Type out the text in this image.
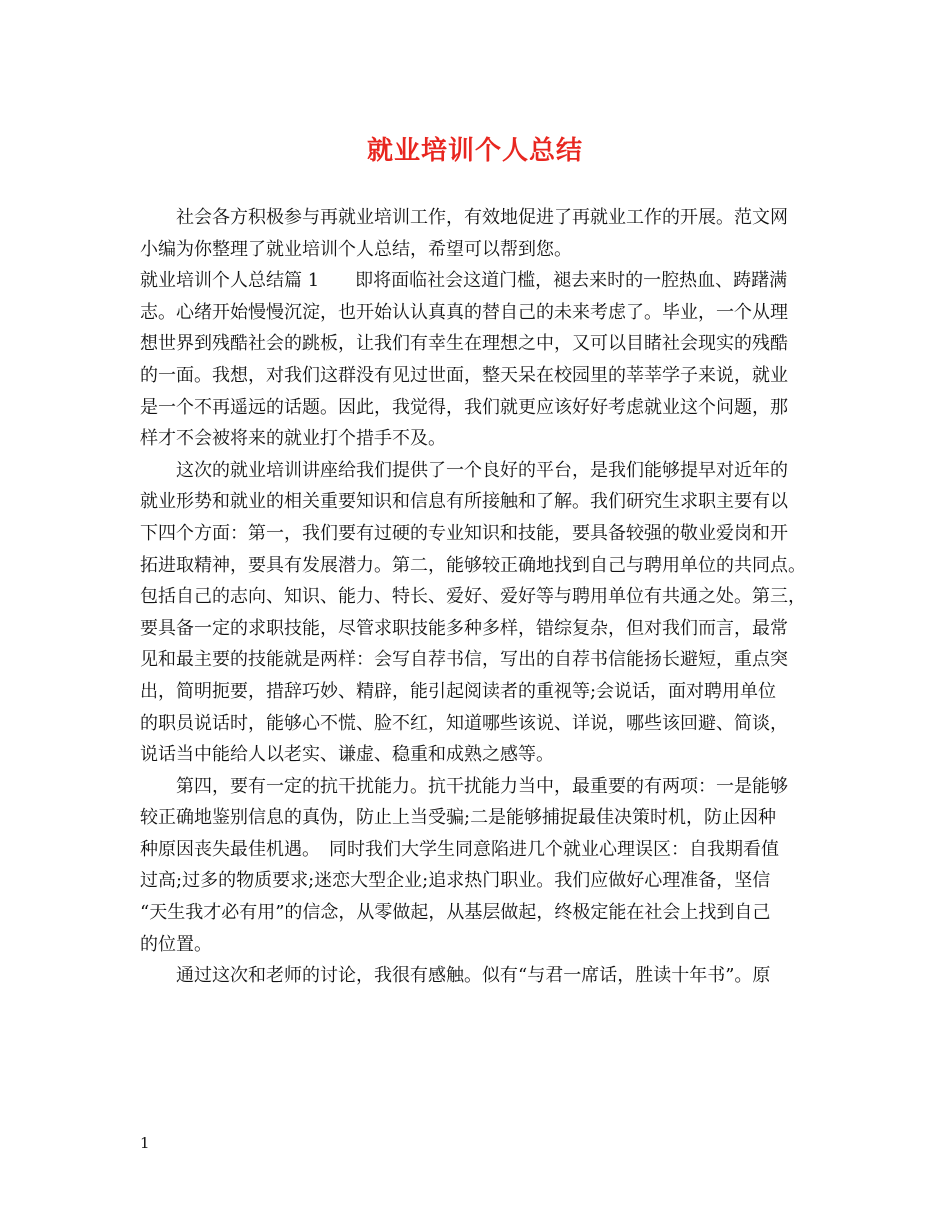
就业培训个人总结
社会各方积极参与再就业培训工作，有效地促进了再就业工作的开展。范文网
小编为你整理了就业培训个人总结，希望可以帮到您。
就业培训个人总结篇 1　　即将面临社会这道门槛，褪去来时的一腔热血、踌躇满
志。心绪开始慢慢沉淀，也开始认认真真的替自己的未来考虑了。毕业，一个从理
想世界到残酷社会的跳板，让我们有幸生在理想之中，又可以目睹社会现实的残酷
的一面。我想，对我们这群没有见过世面，整天呆在校园里的莘莘学子来说，就业
是一个不再遥远的话题。因此，我觉得，我们就更应该好好考虑就业这个问题，那
样才不会被将来的就业打个措手不及。
这次的就业培训讲座给我们提供了一个良好的平台，是我们能够提早对近年的
就业形势和就业的相关重要知识和信息有所接触和了解。我们研究生求职主要有以
下四个方面：第一，我们要有过硬的专业知识和技能，要具备较强的敬业爱岗和开
拓进取精神，要具有发展潜力。第二，能够较正确地找到自己与聘用单位的共同点。
包括自己的志向、知识、能力、特长、爱好、爱好等与聘用单位有共通之处。第三，
要具备一定的求职技能，尽管求职技能多种多样，错综复杂，但对我们而言，最常
见和最主要的技能就是两样：会写自荐书信，写出的自荐书信能扬长避短，重点突
出，简明扼要，措辞巧妙、精辟，能引起阅读者的重视等;会说话，面对聘用单位
的职员说话时，能够心不慌、脸不红，知道哪些该说、详说，哪些该回避、简谈，
说话当中能给人以老实、谦虚、稳重和成熟之感等。
第四，要有一定的抗干扰能力。抗干扰能力当中，最重要的有两项：一是能够
较正确地鉴别信息的真伪，防止上当受骗;二是能够捕捉最佳决策时机，防止因种
种原因丧失最佳机遇。　同时我们大学生同意陷进几个就业心理误区：自我期看值
过高;过多的物质要求;迷恋大型企业;追求热门职业。我们应做好心理准备，坚信
“天生我才必有用”的信念，从零做起，从基层做起，终极定能在社会上找到自己
的位置。
通过这次和老师的讨论，我很有感触。似有“与君一席话，胜读十年书”。原
1
